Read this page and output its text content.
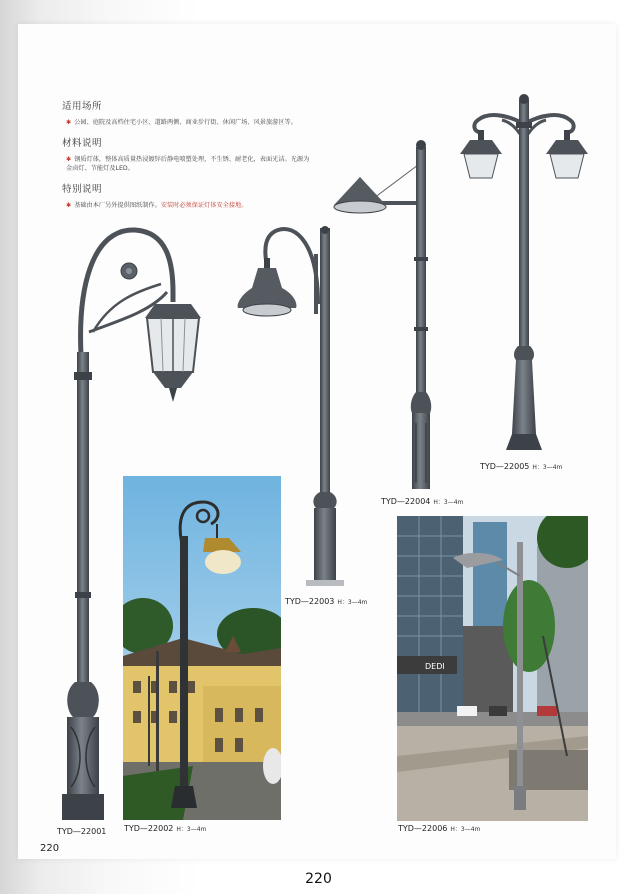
适用场所
✱ 公园、庭院及高档住宅小区、道路两侧、商业步行街、休闲广场、风景旅游区等。
材料说明
✱ 钢质灯体，整体高质量热浸镀锌后静电喷塑处理，不生锈、耐老化，表面光洁。光源为金卤灯、节能灯及LED。
特别说明
✱ 基础由本厂另外提供图纸制作。安装时必须保证灯体安全接地。
DEDI
TYD—22001 TYD—22002 H：3—4m
TYD—22003 H：3—4m
TYD—22004 H：3—4m
TYD—22005 H：3—4m
TYD—22006 H：3—4m
220
220
